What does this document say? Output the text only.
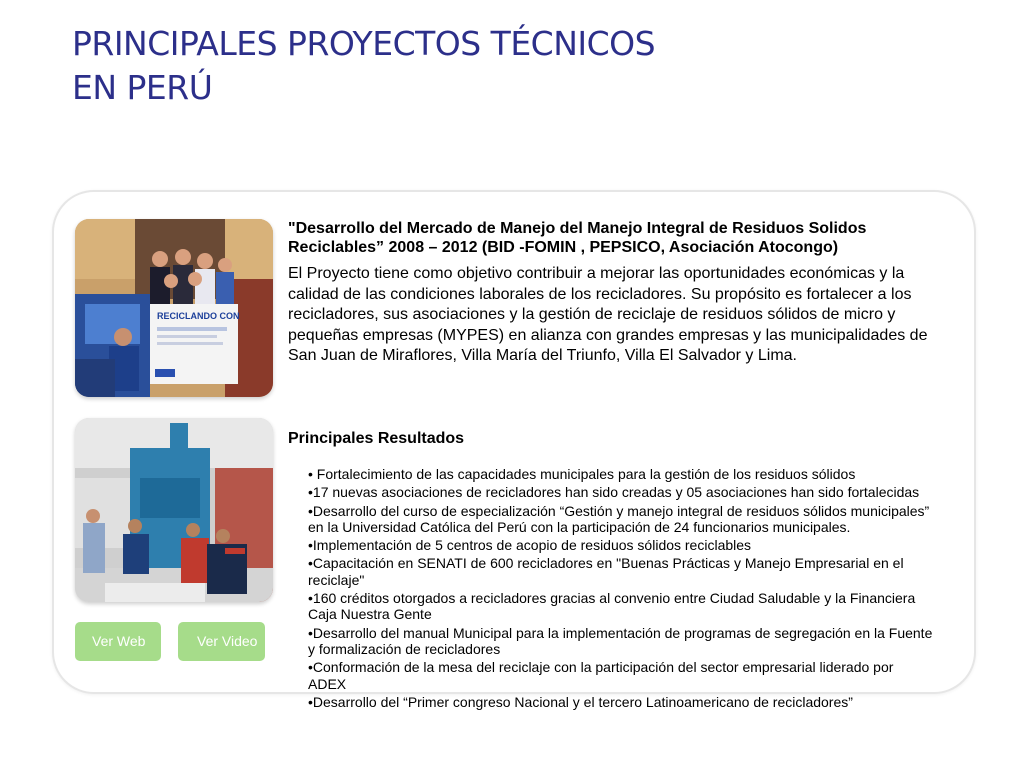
PRINCIPALES PROYECTOS TÉCNICOS
EN PERÚ
RECICLANDO CON
Ver Web	Ver Video

"Desarrollo del Mercado de Manejo del Manejo Integral de Residuos Solidos Reciclables” 2008 – 2012 (BID -FOMIN , PEPSICO, Asociación Atocongo)

El Proyecto tiene como objetivo contribuir a mejorar las oportunidades económicas y la calidad de las condiciones laborales de los recicladores. Su propósito es fortalecer a los recicladores, sus asociaciones y la gestión de reciclaje de residuos sólidos de micro y pequeñas empresas (MYPES) en alianza con grandes empresas y las municipalidades de San Juan de Miraflores, Villa María del Triunfo, Villa El Salvador y Lima.

Principales Resultados

• Fortalecimiento de las capacidades municipales para la gestión de los residuos sólidos
•17 nuevas asociaciones de recicladores han sido creadas y 05 asociaciones han sido fortalecidas
•Desarrollo del curso de especialización “Gestión y manejo integral de residuos sólidos municipales” en la Universidad Católica del Perú con la participación de 24 funcionarios municipales.
•Implementación de 5 centros de acopio de residuos sólidos reciclables
•Capacitación en SENATI de 600 recicladores en "Buenas Prácticas y Manejo Empresarial en el reciclaje"
•160 créditos otorgados a recicladores gracias al convenio entre Ciudad Saludable y la Financiera Caja Nuestra Gente
•Desarrollo del manual Municipal para la implementación de programas de segregación en la Fuente y formalización de recicladores
•Conformación de la mesa del reciclaje con la participación del sector empresarial liderado por ADEX
•Desarrollo del “Primer congreso Nacional y el tercero Latinoamericano de recicladores”
